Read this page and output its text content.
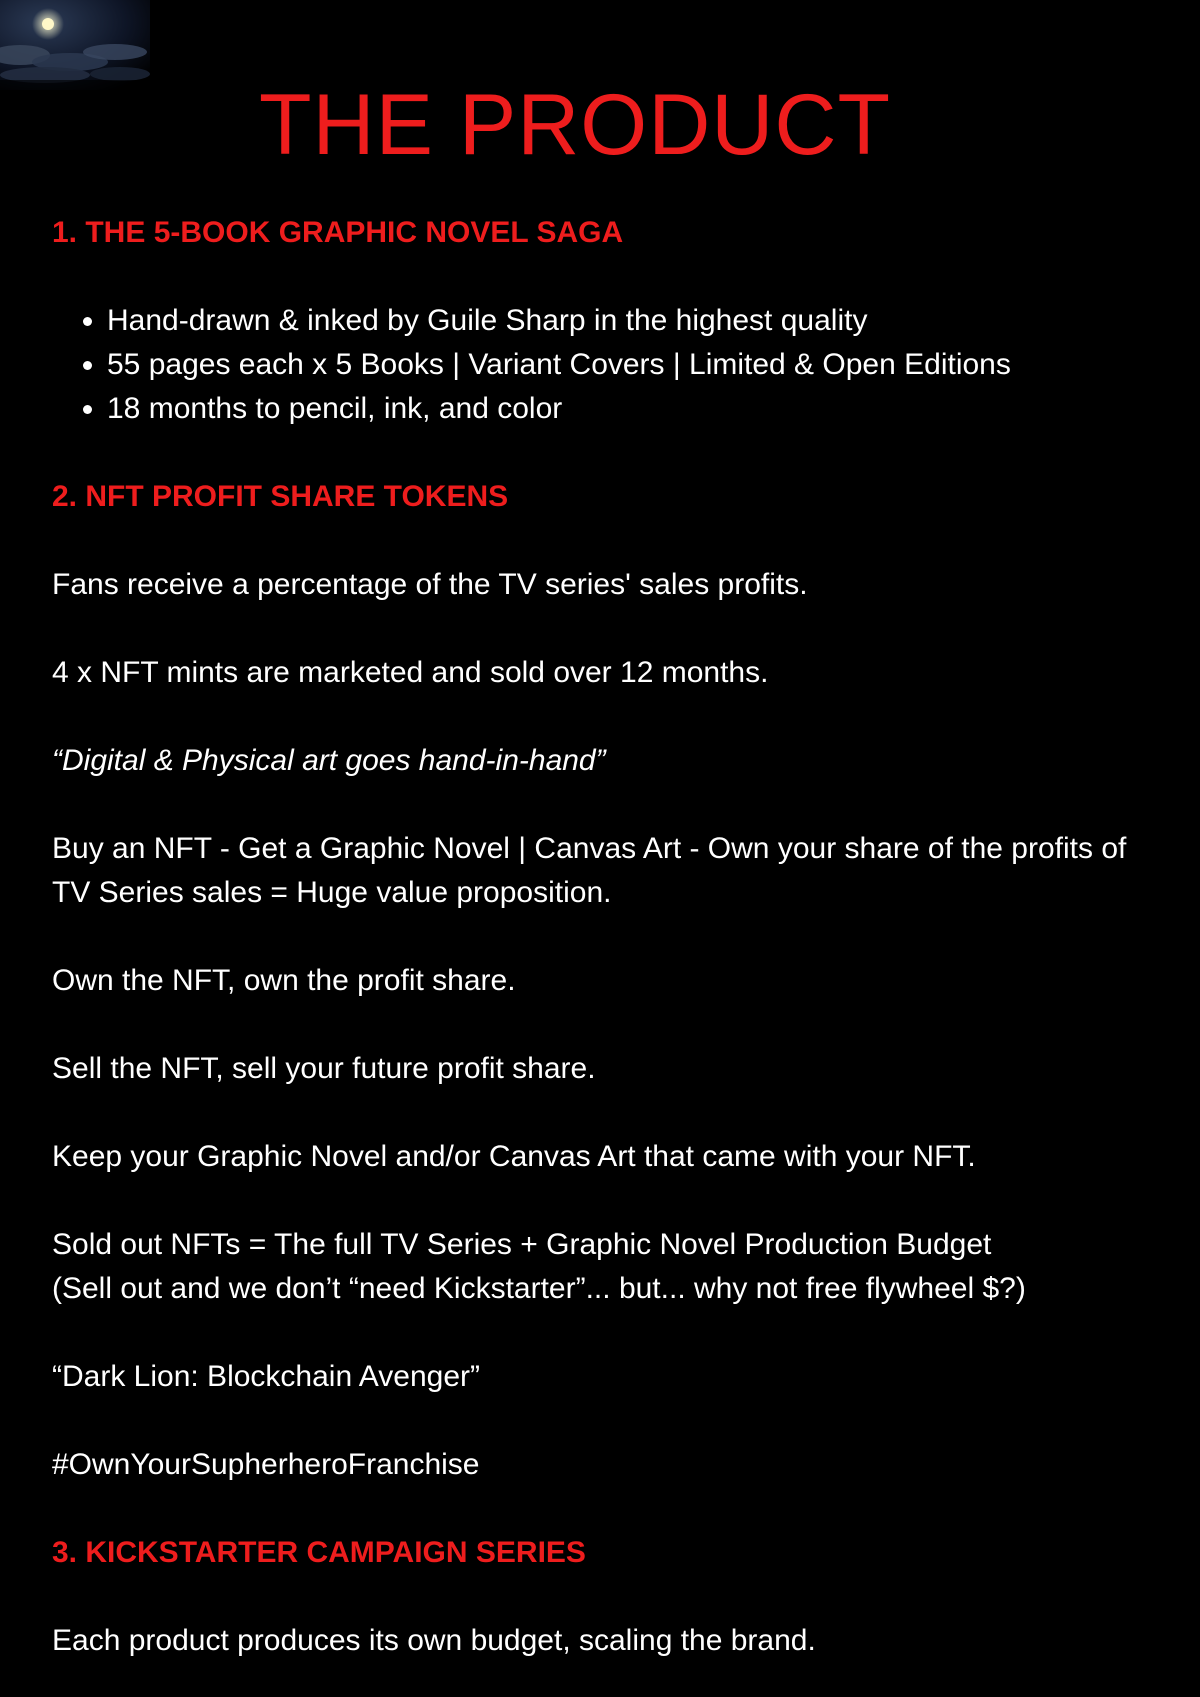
THE PRODUCT

1. THE 5-BOOK GRAPHIC NOVEL SAGA

• Hand-drawn & inked by Guile Sharp in the highest quality
• 55 pages each x 5 Books | Variant Covers | Limited & Open Editions
• 18 months to pencil, ink, and color

2. NFT PROFIT SHARE TOKENS

Fans receive a percentage of the TV series' sales profits.

4 x NFT mints are marketed and sold over 12 months.

“Digital & Physical art goes hand-in-hand”

Buy an NFT - Get a Graphic Novel | Canvas Art - Own your share of the profits of TV Series sales = Huge value proposition.

Own the NFT, own the profit share.

Sell the NFT, sell your future profit share.

Keep your Graphic Novel and/or Canvas Art that came with your NFT.

Sold out NFTs = The full TV Series + Graphic Novel Production Budget

(Sell out and we don’t “need Kickstarter”... but... why not free flywheel $?)

“Dark Lion: Blockchain Avenger”

#OwnYourSupherheroFranchise

3. KICKSTARTER CAMPAIGN SERIES

Each product produces its own budget, scaling the brand.
